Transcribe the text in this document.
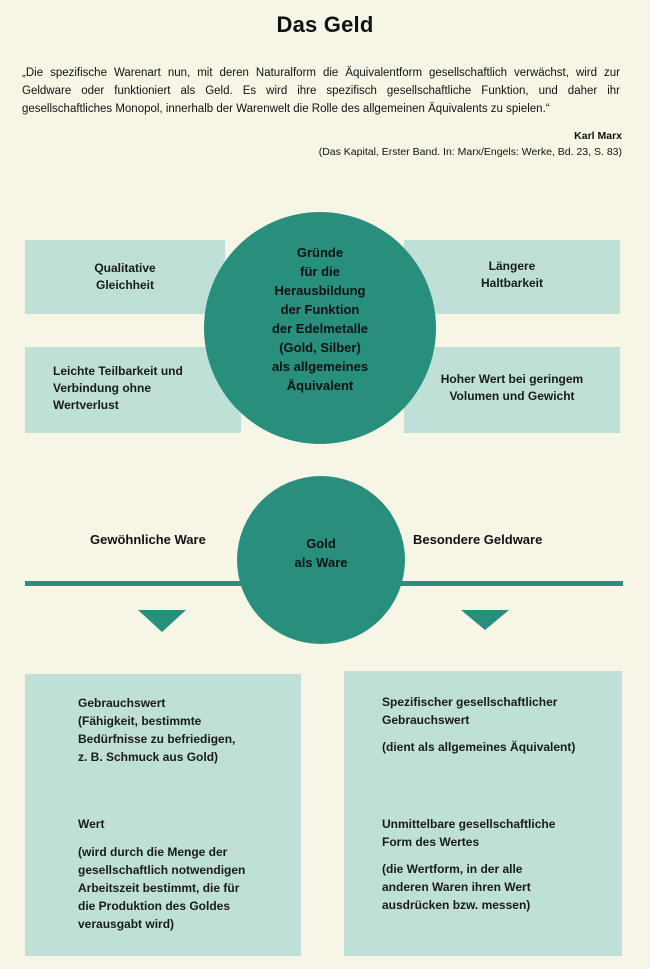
Das Geld
„Die spezifische Warenart nun, mit deren Naturalform die Äquivalentform gesellschaftlich verwächst, wird zur Geldware oder funktioniert als Geld. Es wird ihre spezifisch gesellschaftliche Funktion, und daher ihr gesellschaftliches Monopol, innerhalb der Warenwelt die Rolle des allgemeinen Äquivalents zu spielen.“
Karl Marx
(Das Kapital, Erster Band. In: Marx/Engels: Werke, Bd. 23, S. 83)
Qualitative
Gleichheit
Längere
Haltbarkeit
Leichte Teilbarkeit und
Verbindung ohne
Wertverlust
Hoher Wert bei geringem
Volumen und Gewicht
Gründe
für die
Herausbildung
der Funktion
der Edelmetalle
(Gold, Silber)
als allgemeines
Äquivalent
Gewöhnliche Ware	Besondere Geldware
Gold
als Ware
Gebrauchswert
(Fähigkeit, bestimmte
Bedürfnisse zu befriedigen,
z. B. Schmuck aus Gold)
Wert
(wird durch die Menge der
gesellschaftlich notwendigen
Arbeitszeit bestimmt, die für
die Produktion des Goldes
verausgabt wird)
Spezifischer gesellschaftlicher
Gebrauchswert
(dient als allgemeines Äquivalent)
Unmittelbare gesellschaftliche
Form des Wertes
(die Wertform, in der alle
anderen Waren ihren Wert
ausdrücken bzw. messen)
